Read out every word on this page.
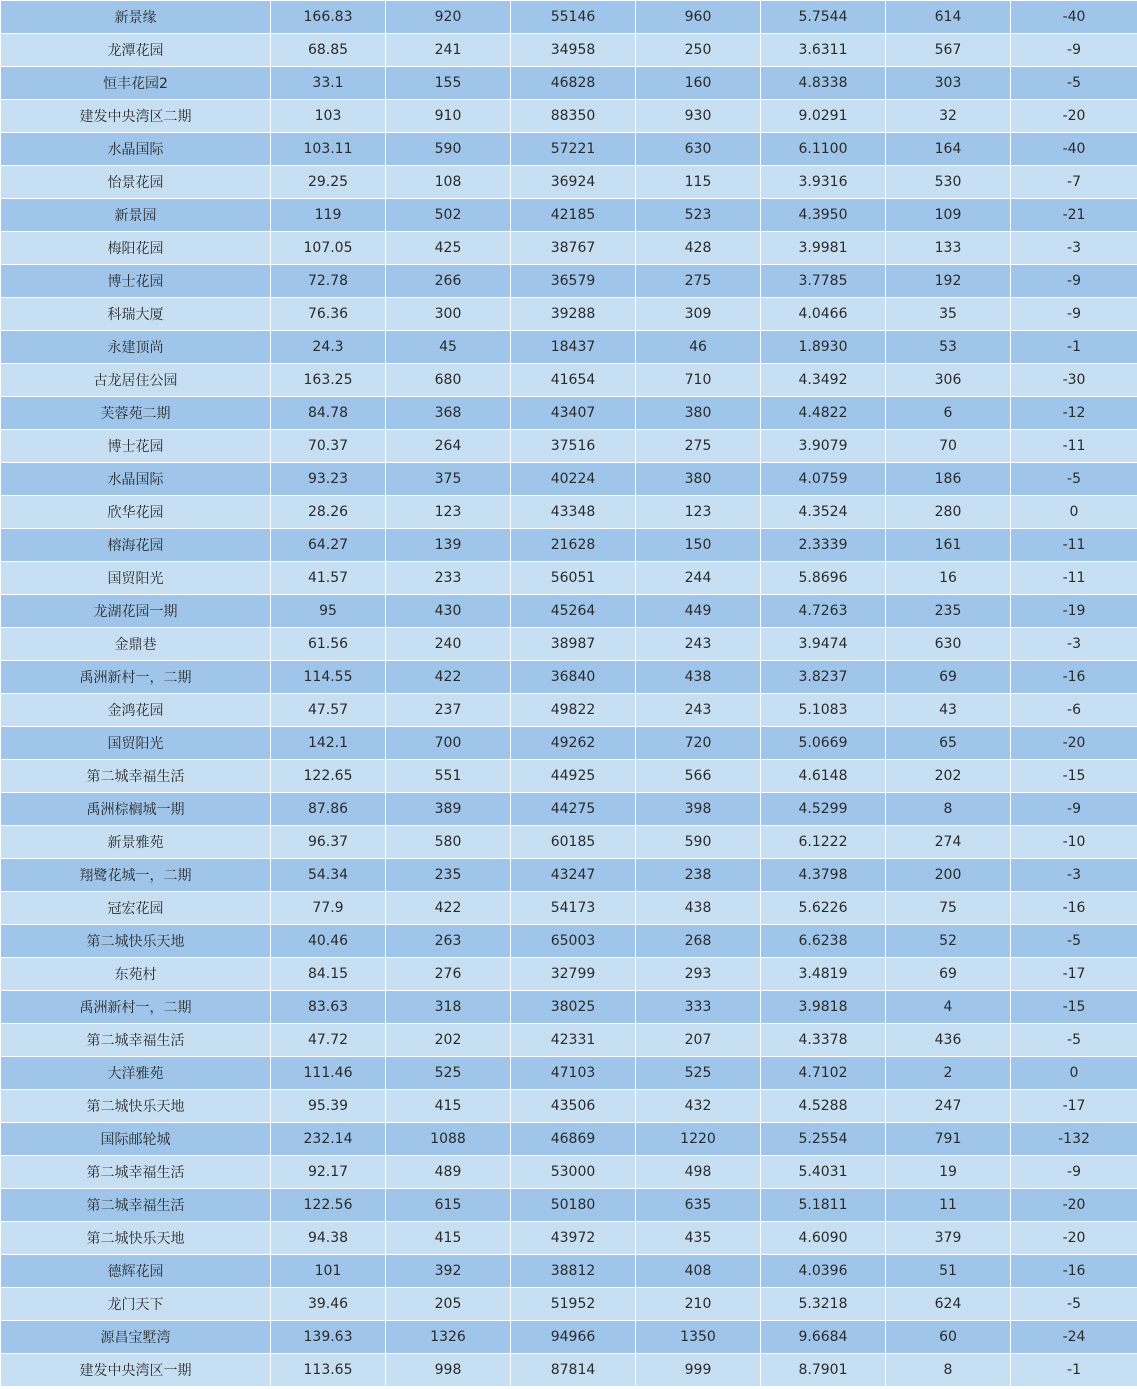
新景缘	166.83	920	55146	960	5.7544	614	-40
龙潭花园	68.85	241	34958	250	3.6311	567	-9
恒丰花园2	33.1	155	46828	160	4.8338	303	-5
建发中央湾区二期	103	910	88350	930	9.0291	32	-20
水晶国际	103.11	590	57221	630	6.1100	164	-40
怡景花园	29.25	108	36924	115	3.9316	530	-7
新景园	119	502	42185	523	4.3950	109	-21
梅阳花园	107.05	425	38767	428	3.9981	133	-3
博士花园	72.78	266	36579	275	3.7785	192	-9
科瑞大厦	76.36	300	39288	309	4.0466	35	-9
永建顶尚	24.3	45	18437	46	1.8930	53	-1
古龙居住公园	163.25	680	41654	710	4.3492	306	-30
芙蓉苑二期	84.78	368	43407	380	4.4822	6	-12
博士花园	70.37	264	37516	275	3.9079	70	-11
水晶国际	93.23	375	40224	380	4.0759	186	-5
欣华花园	28.26	123	43348	123	4.3524	280	0
榕海花园	64.27	139	21628	150	2.3339	161	-11
国贸阳光	41.57	233	56051	244	5.8696	16	-11
龙湖花园一期	95	430	45264	449	4.7263	235	-19
金鼎巷	61.56	240	38987	243	3.9474	630	-3
禹洲新村一，二期	114.55	422	36840	438	3.8237	69	-16
金鸿花园	47.57	237	49822	243	5.1083	43	-6
国贸阳光	142.1	700	49262	720	5.0669	65	-20
第二城幸福生活	122.65	551	44925	566	4.6148	202	-15
禹洲棕榈城一期	87.86	389	44275	398	4.5299	8	-9
新景雅苑	96.37	580	60185	590	6.1222	274	-10
翔鹭花城一，二期	54.34	235	43247	238	4.3798	200	-3
冠宏花园	77.9	422	54173	438	5.6226	75	-16
第二城快乐天地	40.46	263	65003	268	6.6238	52	-5
东苑村	84.15	276	32799	293	3.4819	69	-17
禹洲新村一，二期	83.63	318	38025	333	3.9818	4	-15
第二城幸福生活	47.72	202	42331	207	4.3378	436	-5
大洋雅苑	111.46	525	47103	525	4.7102	2	0
第二城快乐天地	95.39	415	43506	432	4.5288	247	-17
国际邮轮城	232.14	1088	46869	1220	5.2554	791	-132
第二城幸福生活	92.17	489	53000	498	5.4031	19	-9
第二城幸福生活	122.56	615	50180	635	5.1811	11	-20
第二城快乐天地	94.38	415	43972	435	4.6090	379	-20
德辉花园	101	392	38812	408	4.0396	51	-16
龙门天下	39.46	205	51952	210	5.3218	624	-5
源昌宝墅湾	139.63	1326	94966	1350	9.6684	60	-24
建发中央湾区一期	113.65	998	87814	999	8.7901	8	-1
